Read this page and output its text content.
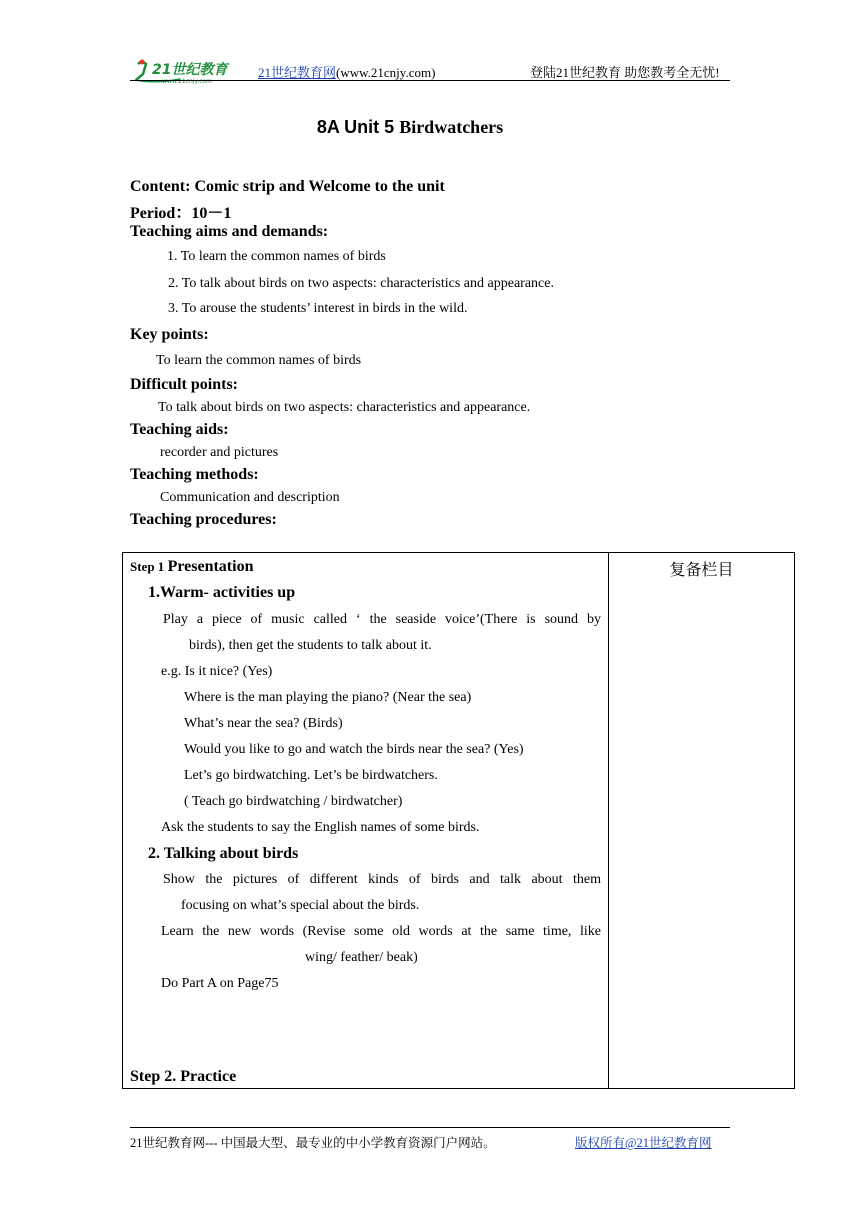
21世纪教育
www.21cnjy.com
21世纪教育网(www.21cnjy.com)	登陆21世纪教育 助您教考全无忧!
8A Unit 5 Birdwatchers
Content: Comic strip and Welcome to the unit
Period：10－1
Teaching aims and demands:
1. To learn the common names of birds
2. To talk about birds on two aspects: characteristics and appearance.
3. To arouse the students’ interest in birds in the wild.
Key points:
To learn the common names of birds
Difficult points:
To talk about birds on two aspects: characteristics and appearance.
Teaching aids:
recorder and pictures
Teaching methods:
Communication and description
Teaching procedures:
Step 1 Presentation
1.Warm- activities up
Play a piece of music called ‘ the seaside voice’(There is sound by
birds), then get the students to talk about it.
e.g. Is it nice? (Yes)
Where is the man playing the piano? (Near the sea)
What’s near the sea? (Birds)
Would you like to go and watch the birds near the sea? (Yes)
Let’s go birdwatching. Let’s be birdwatchers.
( Teach go birdwatching / birdwatcher)
Ask the students to say the English names of some birds.
2. Talking about birds
Show the pictures of different kinds of birds and talk about them
focusing on what’s special about the birds.
Learn the new words (Revise some old words at the same time, like
wing/ feather/ beak)
Do Part A on Page75
Step 2. Practice

复备栏目
21世纪教育网--- 中国最大型、最专业的中小学教育资源门户网站。	版权所有@21世纪教育网
